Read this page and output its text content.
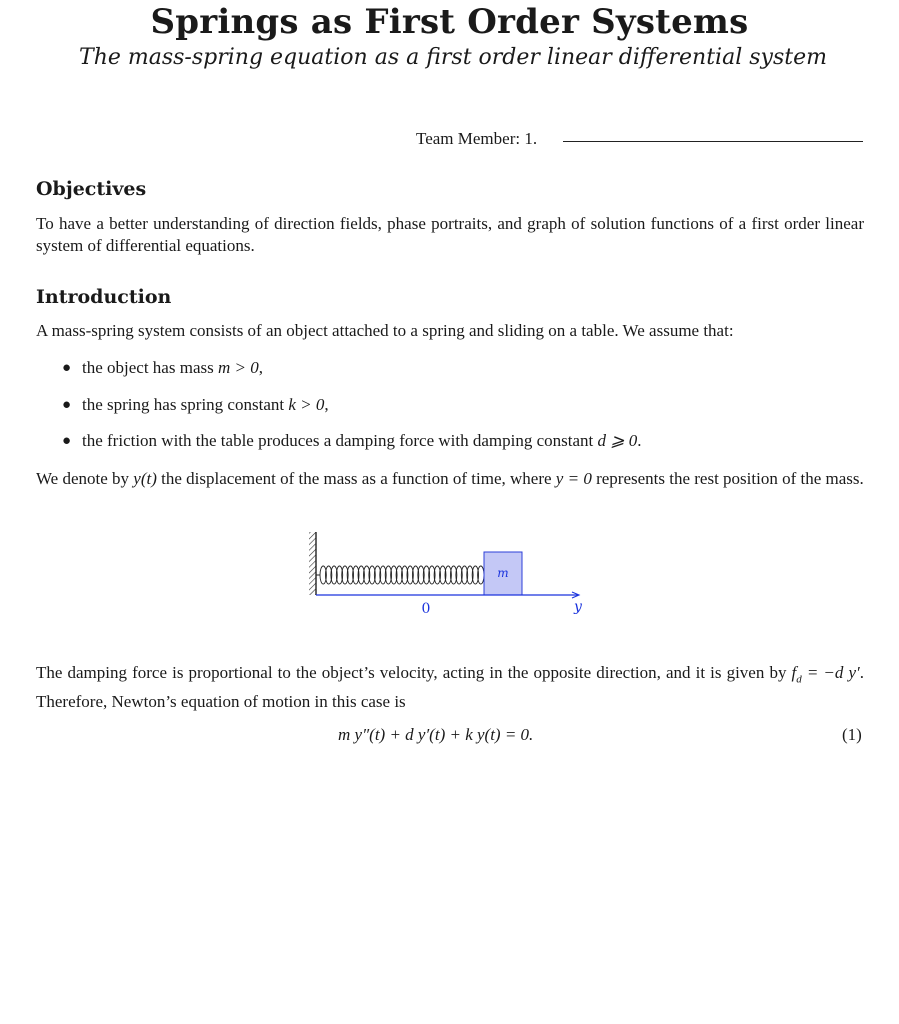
Springs as First Order Systems
The mass-spring equation as a first order linear differential system
Team Member: 1.
Objectives
To have a better understanding of direction fields, phase portraits, and graph of solution functions of a first order linear system of differential equations.
Introduction
A mass-spring system consists of an object attached to a spring and sliding on a table. We assume that:
● the object has mass m > 0,
● the spring has spring constant k > 0,
● the friction with the table produces a damping force with damping constant d ⩾ 0.
We denote by y(t) the displacement of the mass as a function of time, where y = 0 represents the rest position of the mass.
m
0	y
The damping force is proportional to the object’s velocity, acting in the opposite direction, and it is given by $f_d = -d$ y′. Therefore, Newton’s equation of motion in this case is
m y″(t) + d y′(t) + k y(t) = 0.	(1)
